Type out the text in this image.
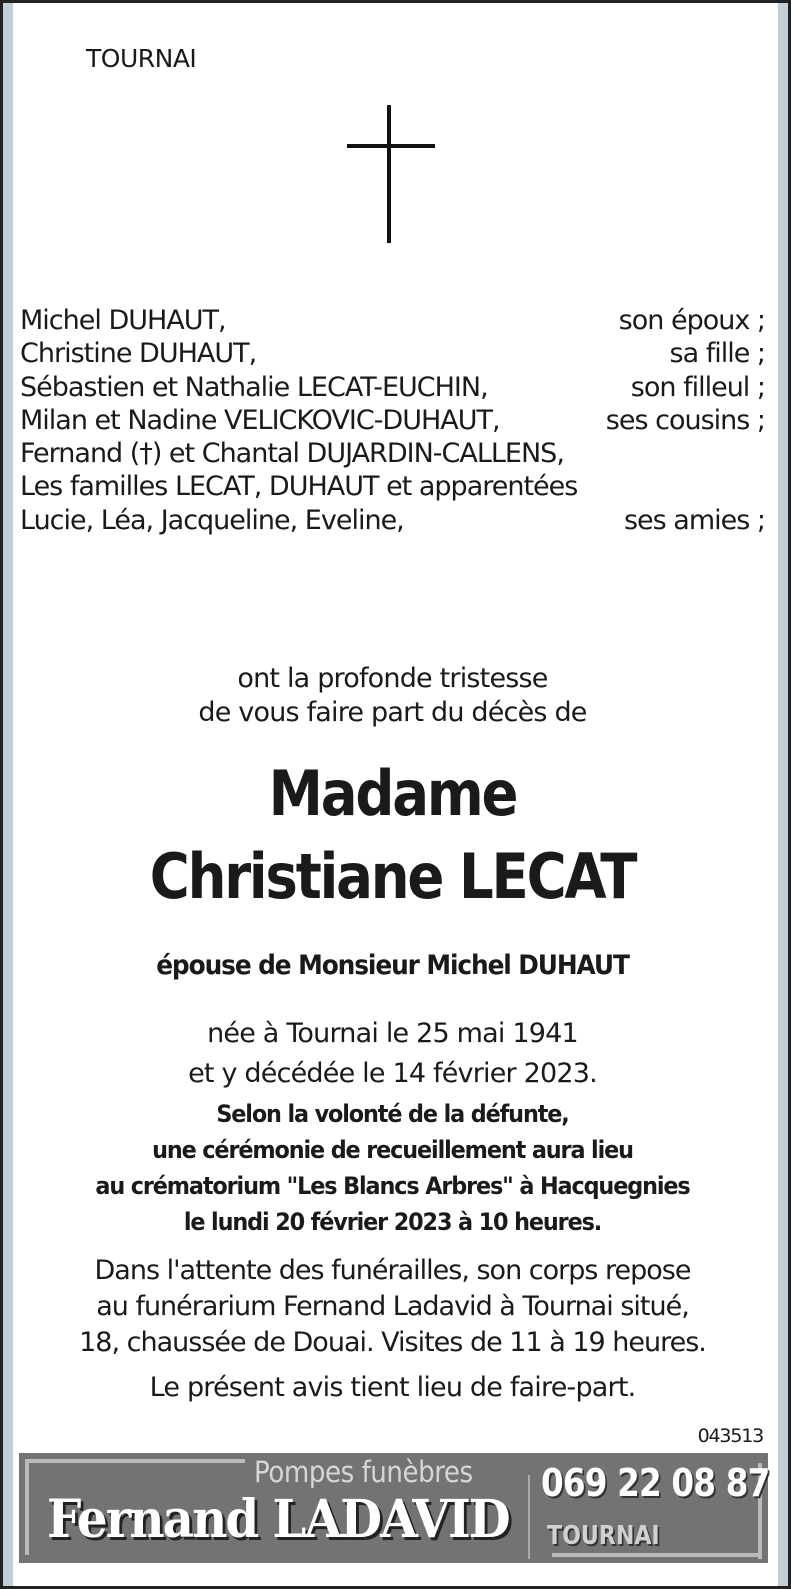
TOURNAI
Michel DUHAUT,	son époux ;
Christine DUHAUT,	sa fille ;
Sébastien et Nathalie LECAT-EUCHIN,	son filleul ;
Milan et Nadine VELICKOVIC-DUHAUT,	ses cousins ;
Fernand (†) et Chantal DUJARDIN-CALLENS,
Les familles LECAT, DUHAUT et apparentées
Lucie, Léa, Jacqueline, Eveline,	ses amies ;
ont la profonde tristesse
de vous faire part du décès de
Madame
Christiane LECAT
épouse de Monsieur Michel DUHAUT
née à Tournai le 25 mai 1941
et y décédée le 14 février 2023.
Selon la volonté de la défunte,
une cérémonie de recueillement aura lieu
au crématorium "Les Blancs Arbres" à Hacquegnies
le lundi 20 février 2023 à 10 heures.
Dans l'attente des funérailles, son corps repose
au funérarium Fernand Ladavid à Tournai situé,
18, chaussée de Douai. Visites de 11 à 19 heures.
Le présent avis tient lieu de faire-part.
043513
Pompes funèbres
Fernand LADAVID
069 22 08 87
TOURNAI
